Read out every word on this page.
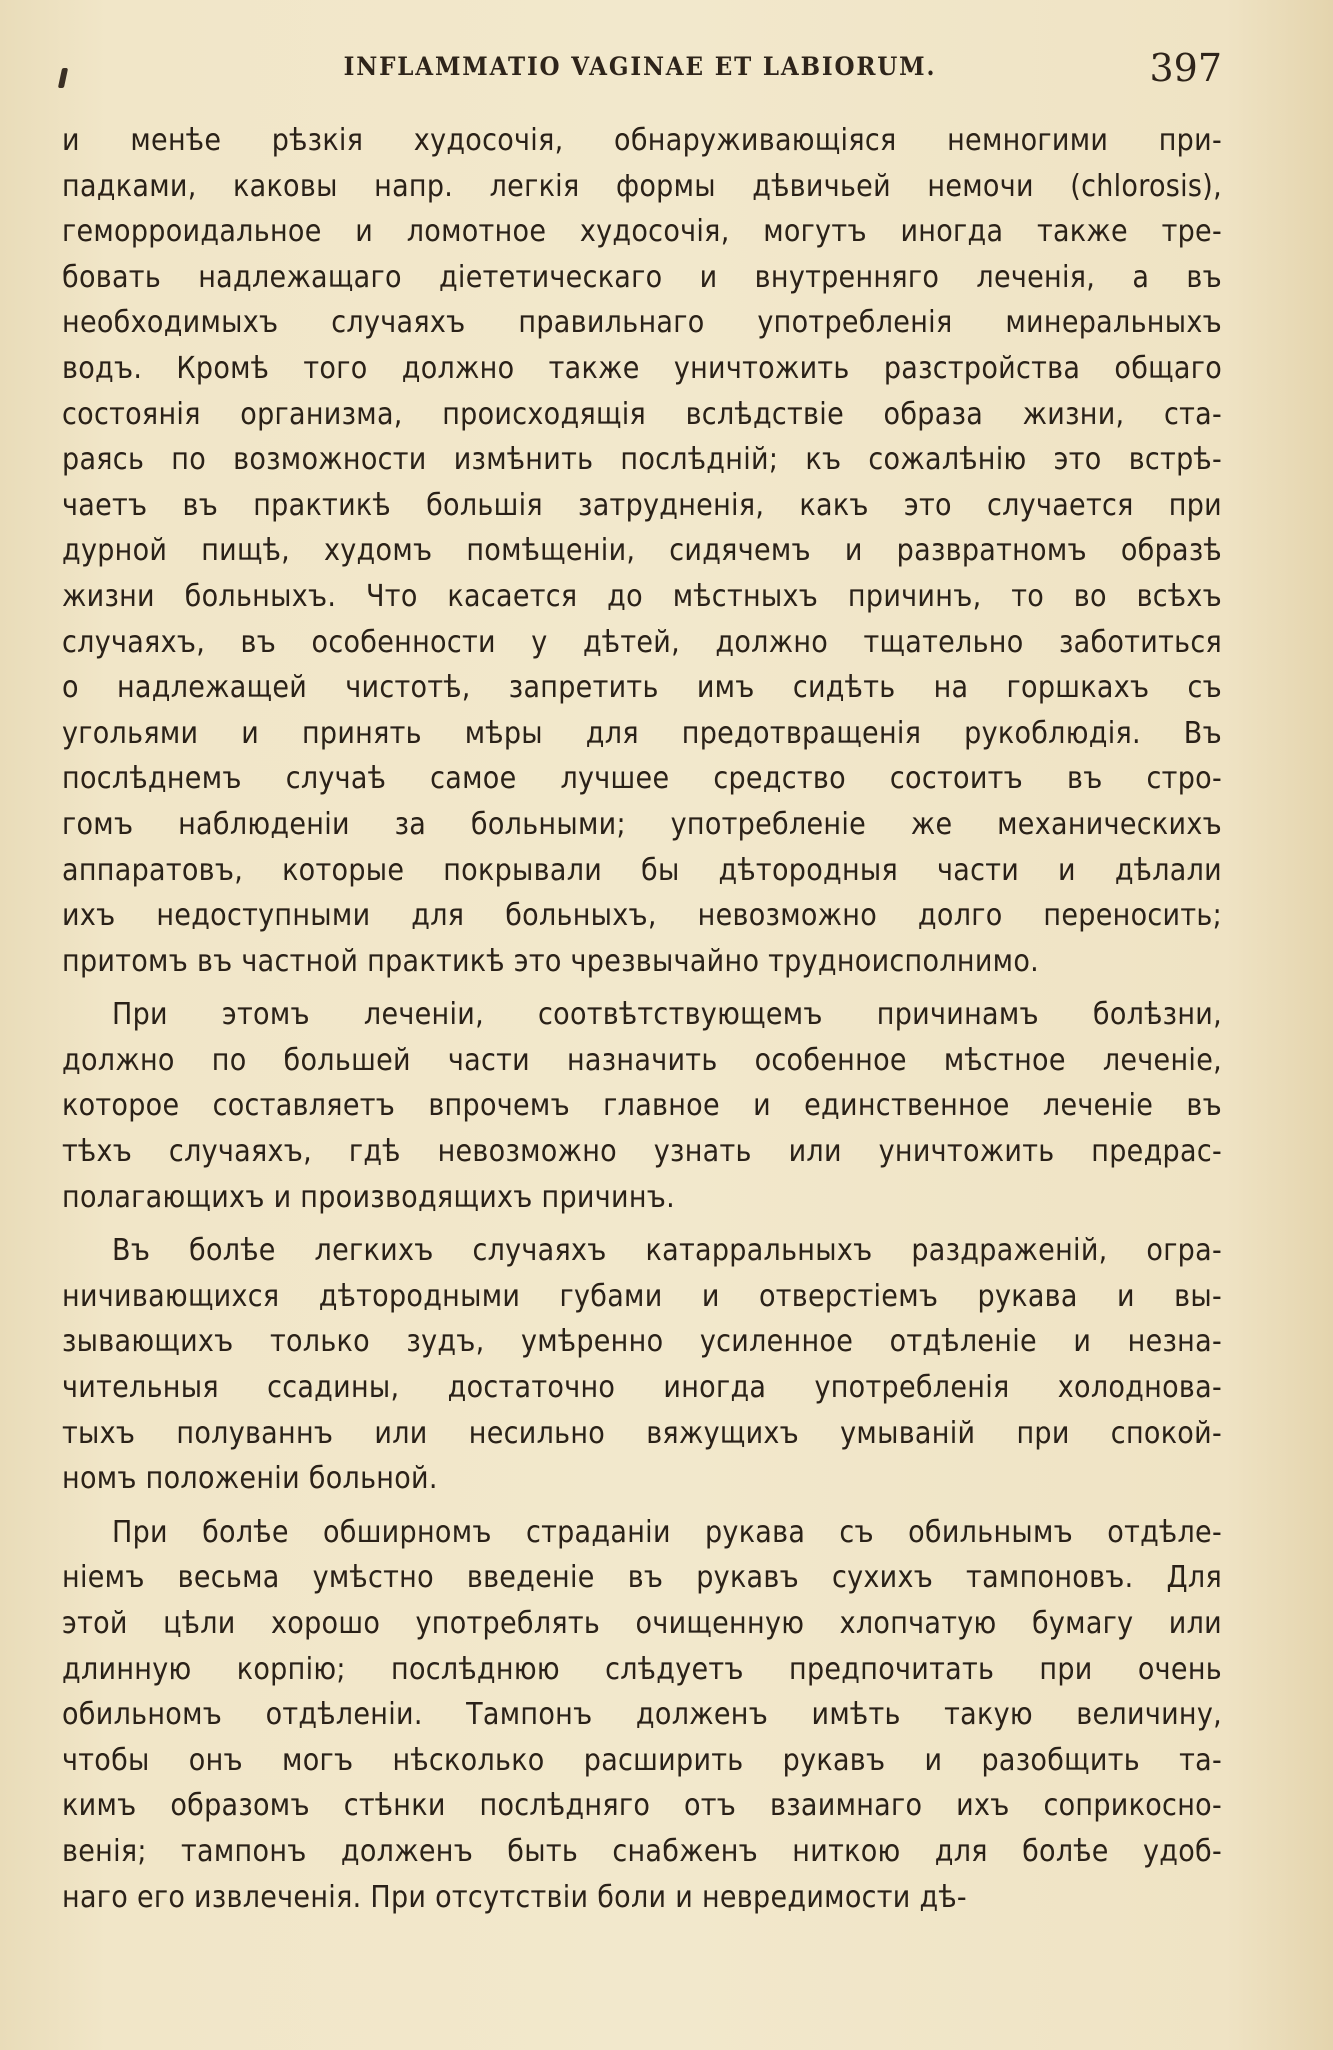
INFLAMMATIO VAGINAE ET LABIORUM.	397
и менѣе рѣзкія худосочія, обнаруживающіяся немногими при-
падками, каковы напр. легкія формы дѣвичьей немочи (chlorosis),
геморроидальное и ломотное худосочія, могутъ иногда также тре-
бовать надлежащаго діететическаго и внутренняго леченія, а въ
необходимыхъ случаяхъ правильнаго употребленія минеральныхъ
водъ. Кромѣ того должно также уничтожить разстройства общаго
состоянія организма, происходящія вслѣдствіе образа жизни, ста-
раясь по возможности измѣнить послѣдній; къ сожалѣнію это встрѣ-
чаетъ въ практикѣ большія затрудненія, какъ это случается при
дурной пищѣ, худомъ помѣщеніи, сидячемъ и развратномъ образѣ
жизни больныхъ. Что касается до мѣстныхъ причинъ, то во всѣхъ
случаяхъ, въ особенности у дѣтей, должно тщательно заботиться
о надлежащей чистотѣ, запретить имъ сидѣть на горшкахъ съ
угольями и принять мѣры для предотвращенія рукоблюдія. Въ
послѣднемъ случаѣ самое лучшее средство состоитъ въ стро-
гомъ наблюденіи за больными; употребленіе же механическихъ
аппаратовъ, которые покрывали бы дѣтородныя части и дѣлали
ихъ недоступными для больныхъ, невозможно долго переносить;
притомъ въ частной практикѣ это чрезвычайно трудноисполнимо.
При этомъ леченіи, соотвѣтствующемъ причинамъ болѣзни,
должно по большей части назначить особенное мѣстное леченіе,
которое составляетъ впрочемъ главное и единственное леченіе въ
тѣхъ случаяхъ, гдѣ невозможно узнать или уничтожить предрас-
полагающихъ и производящихъ причинъ.
Въ болѣе легкихъ случаяхъ катарральныхъ раздраженій, огра-
ничивающихся дѣтородными губами и отверстіемъ рукава и вы-
зывающихъ только зудъ, умѣренно усиленное отдѣленіе и незна-
чительныя ссадины, достаточно иногда употребленія холоднова-
тыхъ полуваннъ или несильно вяжущихъ умываній при спокой-
номъ положеніи больной.
При болѣе обширномъ страданіи рукава съ обильнымъ отдѣле-
ніемъ весьма умѣстно введеніе въ рукавъ сухихъ тампоновъ. Для
этой цѣли хорошо употреблять очищенную хлопчатую бумагу или
длинную корпію; послѣднюю слѣдуетъ предпочитать при очень
обильномъ отдѣленіи. Тампонъ долженъ имѣть такую величину,
чтобы онъ могъ нѣсколько расширить рукавъ и разобщить та-
кимъ образомъ стѣнки послѣдняго отъ взаимнаго ихъ соприкосно-
венія; тампонъ долженъ быть снабженъ ниткою для болѣе удоб-
наго его извлеченія. При отсутствіи боли и невредимости дѣ-
